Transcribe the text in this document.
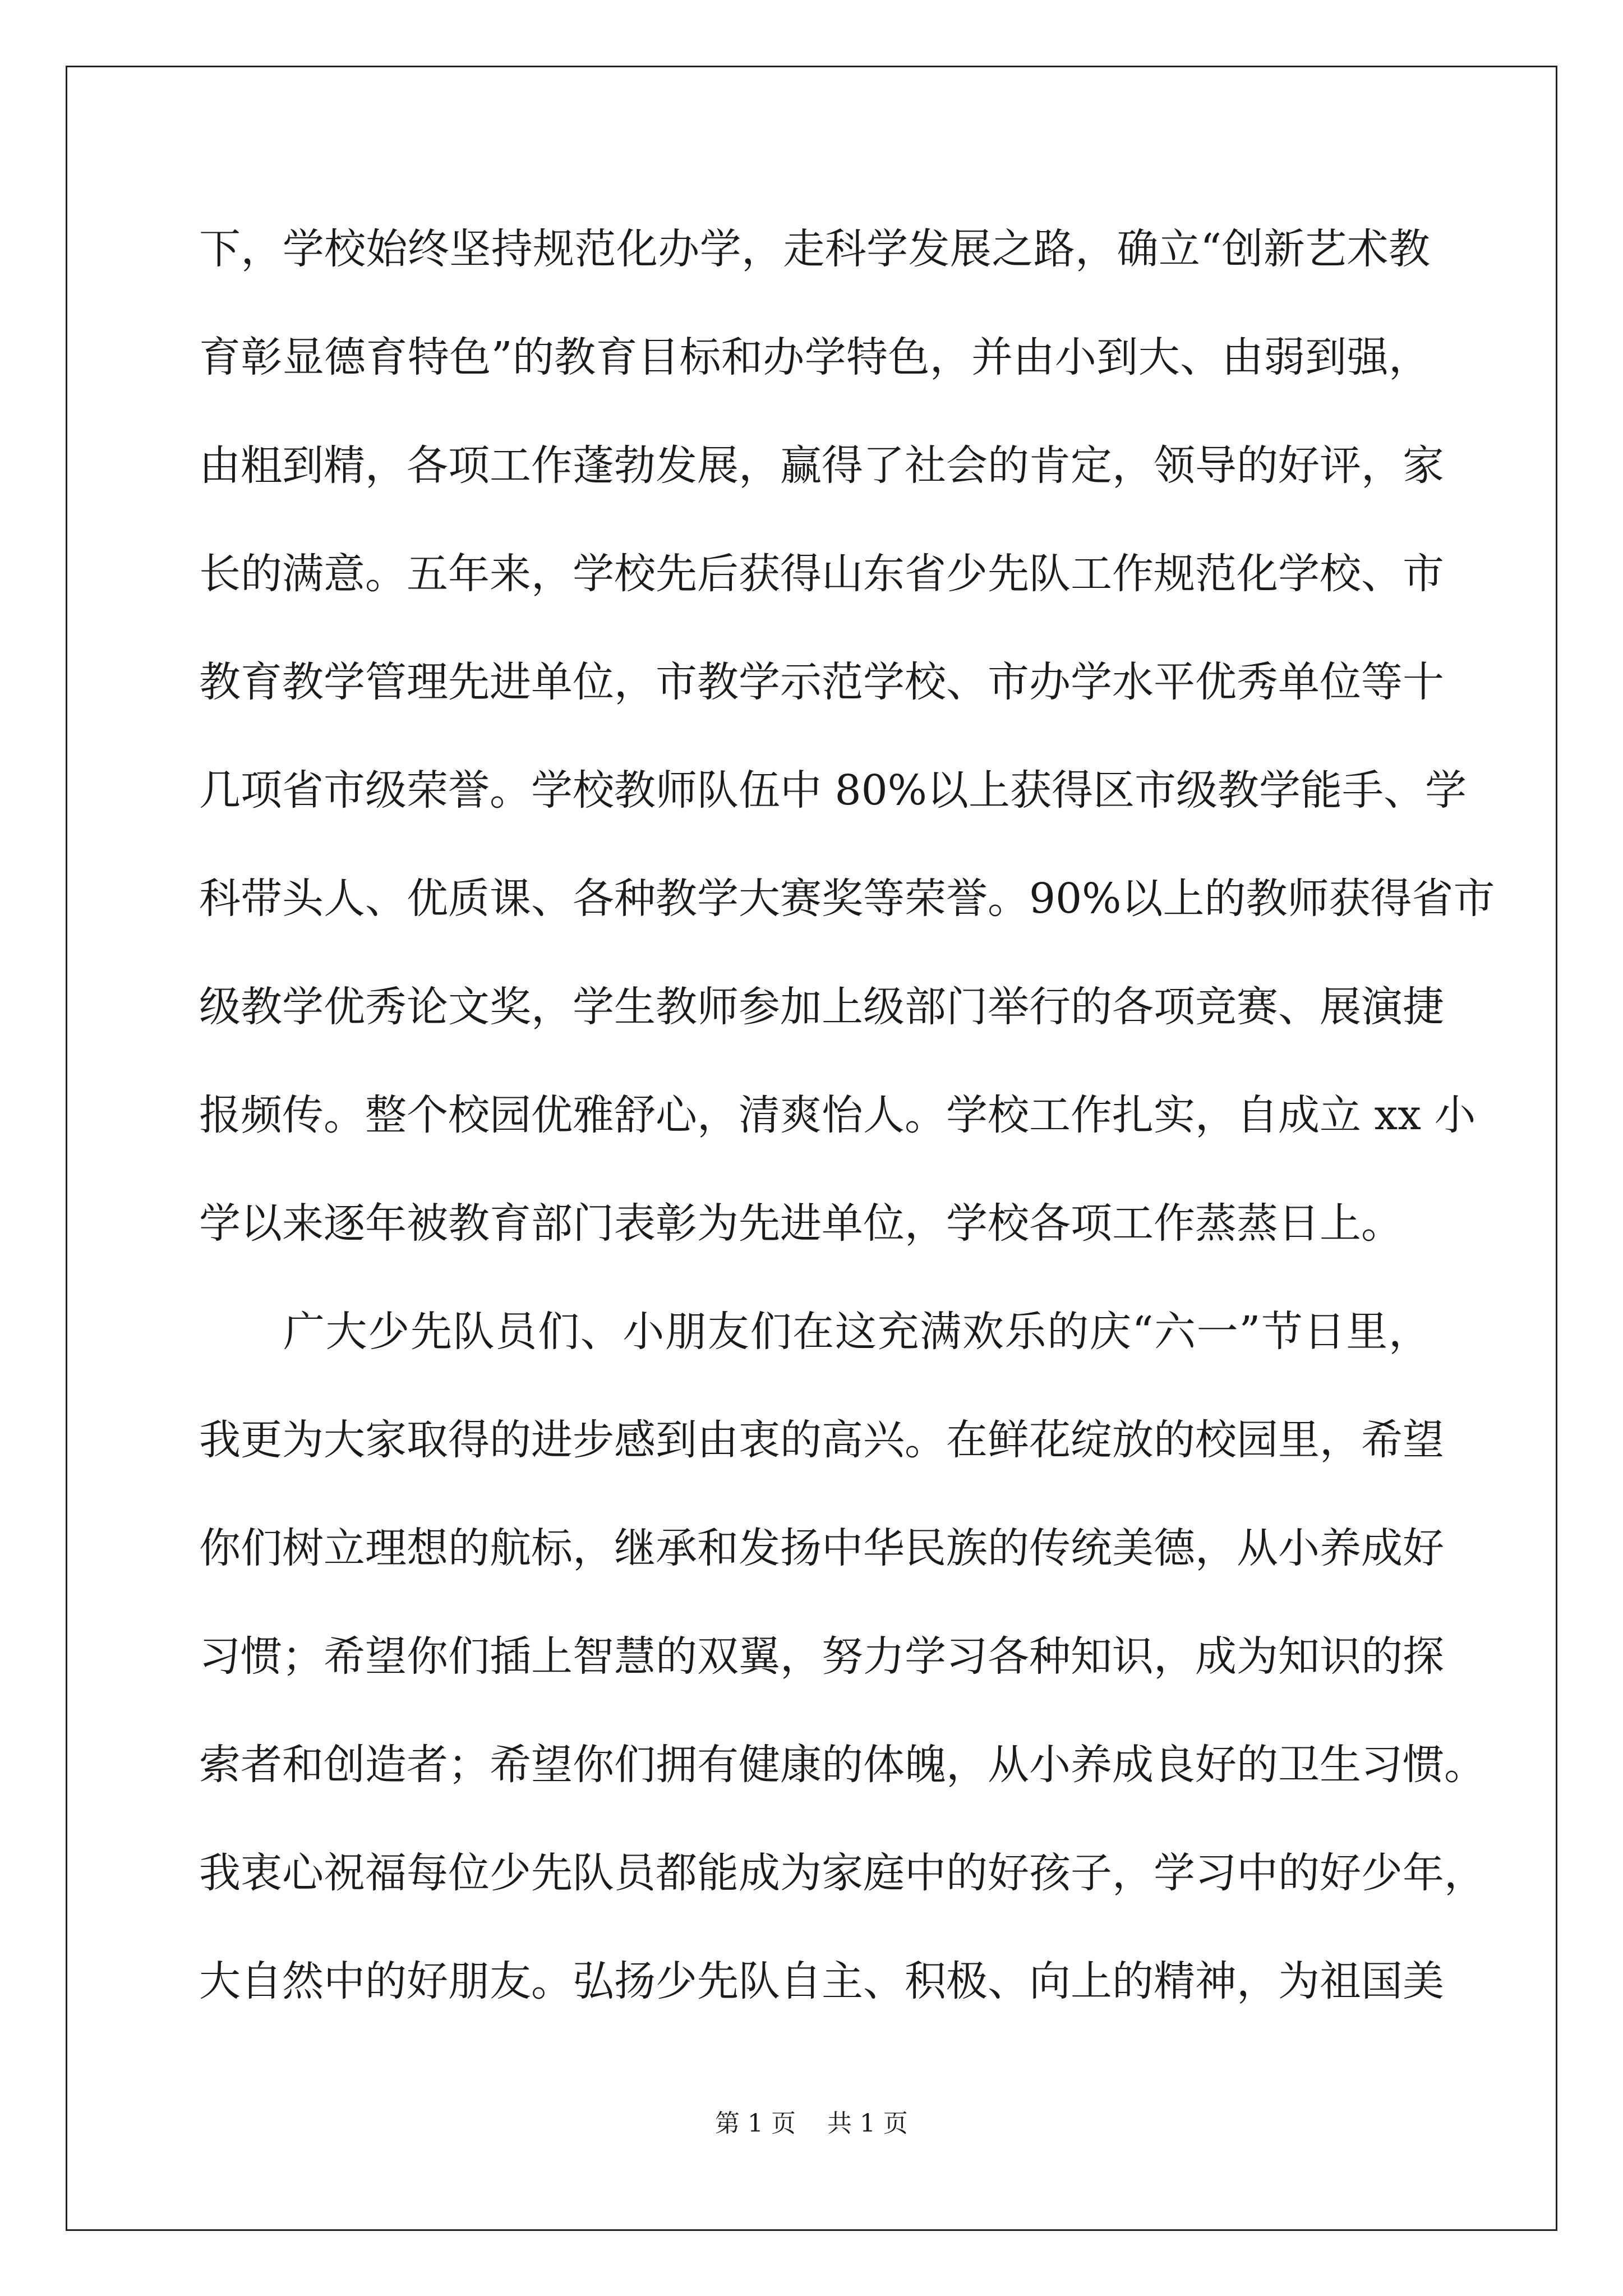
下，学校始终坚持规范化办学，走科学发展之路，确立“创新艺术教
育彰显德育特色”的教育目标和办学特色，并由小到大、由弱到强，
由粗到精，各项工作蓬勃发展，赢得了社会的肯定，领导的好评，家
长的满意。五年来，学校先后获得山东省少先队工作规范化学校、市
教育教学管理先进单位，市教学示范学校、市办学水平优秀单位等十
几项省市级荣誉。学校教师队伍中 80%以上获得区市级教学能手、学
科带头人、优质课、各种教学大赛奖等荣誉。90%以上的教师获得省市
级教学优秀论文奖，学生教师参加上级部门举行的各项竞赛、展演捷
报频传。整个校园优雅舒心，清爽怡人。学校工作扎实，自成立 xx 小
学以来逐年被教育部门表彰为先进单位，学校各项工作蒸蒸日上。
广大少先队员们、小朋友们在这充满欢乐的庆“六一”节日里，
我更为大家取得的进步感到由衷的高兴。在鲜花绽放的校园里，希望
你们树立理想的航标，继承和发扬中华民族的传统美德，从小养成好
习惯；希望你们插上智慧的双翼，努力学习各种知识，成为知识的探
索者和创造者；希望你们拥有健康的体魄，从小养成良好的卫生习惯。
我衷心祝福每位少先队员都能成为家庭中的好孩子，学习中的好少年，
大自然中的好朋友。弘扬少先队自主、积极、向上的精神，为祖国美
第 1 页    共 1 页
